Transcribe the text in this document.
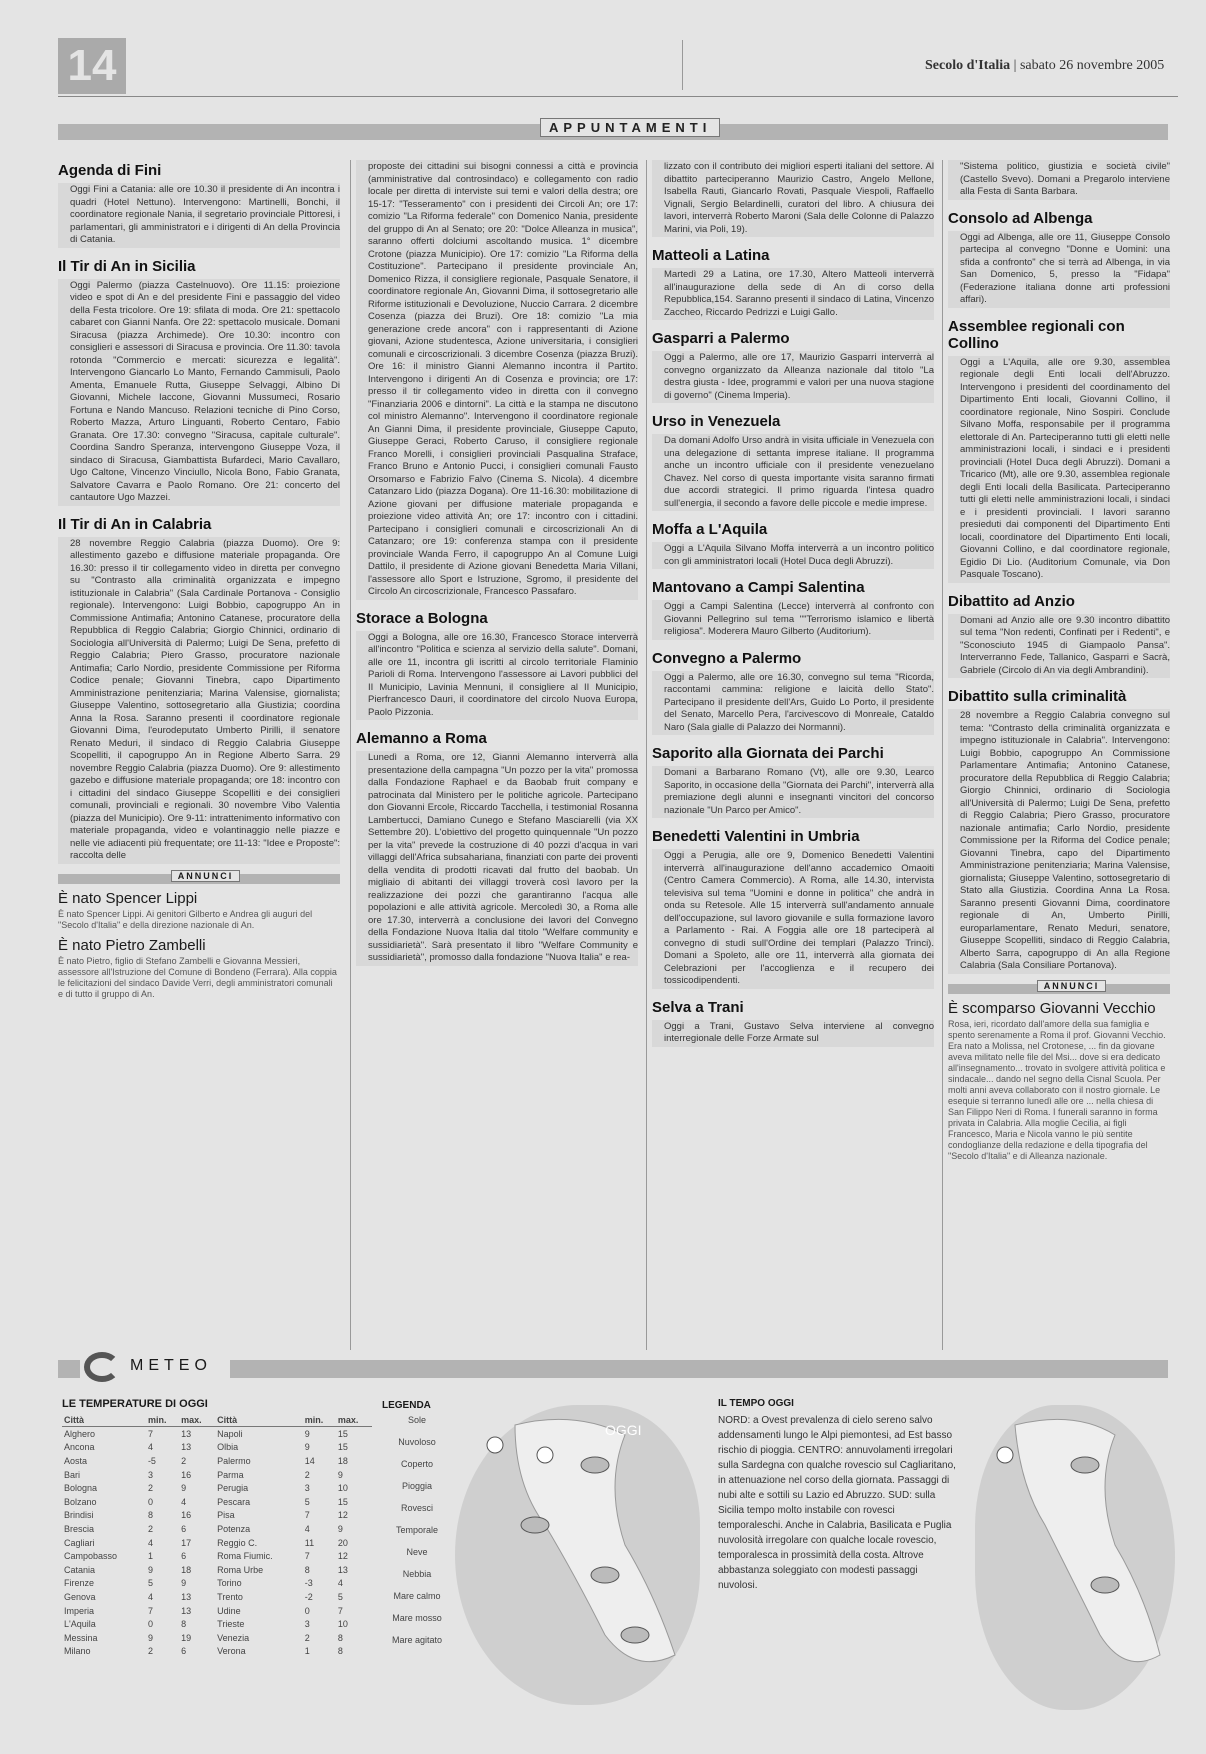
14	Secolo d'Italia | sabato 26 novembre 2005
APPUNTAMENTI
Agenda di Fini

Oggi Fini a Catania: alle ore 10.30 il presidente di An incontra i quadri (Hotel Nettuno). Intervengono: Martinelli, Bonchi, il coordinatore regionale Nania, il segretario provinciale Pittoresi, i parlamentari, gli amministratori e i dirigenti di An della Provincia di Catania.

Il Tir di An in Sicilia

Oggi Palermo (piazza Castelnuovo). Ore 11.15: proiezione video e spot di An e del presidente Fini e passaggio del video della Festa tricolore. Ore 19: sfilata di moda. Ore 21: spettacolo cabaret con Gianni Nanfa. Ore 22: spettacolo musicale. Domani Siracusa (piazza Archimede). Ore 10.30: incontro con consiglieri e assessori di Siracusa e provincia. Ore 11.30: tavola rotonda "Commercio e mercati: sicurezza e legalità". Intervengono Giancarlo Lo Manto, Fernando Cammisuli, Paolo Amenta, Emanuele Rutta, Giuseppe Selvaggi, Albino Di Giovanni, Michele Iaccone, Giovanni Mussumeci, Rosario Fortuna e Nando Mancuso. Relazioni tecniche di Pino Corso, Roberto Mazza, Arturo Linguanti, Roberto Centaro, Fabio Granata. Ore 17.30: convegno "Siracusa, capitale culturale". Coordina Sandro Speranza, intervengono Giuseppe Voza, il sindaco di Siracusa, Giambattista Bufardeci, Mario Cavallaro, Ugo Caltone, Vincenzo Vinciullo, Nicola Bono, Fabio Granata, Salvatore Cavarra e Paolo Romano. Ore 21: concerto del cantautore Ugo Mazzei.

Il Tir di An in Calabria

28 novembre Reggio Calabria (piazza Duomo). Ore 9: allestimento gazebo e diffusione materiale propaganda. Ore 16.30: presso il tir collegamento video in diretta per convegno su "Contrasto alla criminalità organizzata e impegno istituzionale in Calabria" (Sala Cardinale Portanova - Consiglio regionale). Intervengono: Luigi Bobbio, capogruppo An in Commissione Antimafia; Antonino Catanese, procuratore della Repubblica di Reggio Calabria; Giorgio Chinnici, ordinario di Sociologia all'Università di Palermo; Luigi De Sena, prefetto di Reggio Calabria; Piero Grasso, procuratore nazionale Antimafia; Carlo Nordio, presidente Commissione per Riforma Codice penale; Giovanni Tinebra, capo Dipartimento Amministrazione penitenziaria; Marina Valensise, giornalista; Giuseppe Valentino, sottosegretario alla Giustizia; coordina Anna la Rosa. Saranno presenti il coordinatore regionale Giovanni Dima, l'eurodeputato Umberto Pirilli, il senatore Renato Meduri, il sindaco di Reggio Calabria Giuseppe Scopelliti, il capogruppo An in Regione Alberto Sarra. 29 novembre Reggio Calabria (piazza Duomo). Ore 9: allestimento gazebo e diffusione materiale propaganda; ore 18: incontro con i cittadini del sindaco Giuseppe Scopelliti e dei consiglieri comunali, provinciali e regionali. 30 novembre Vibo Valentia (piazza del Municipio). Ore 9-11: intrattenimento informativo con materiale propaganda, video e volantinaggio nelle piazze e nelle vie adiacenti più frequentate; ore 11-13: "Idee e Proposte": raccolta delle

ANNUNCI
È nato Spencer Lippi

È nato Spencer Lippi. Ai genitori Gilberto e Andrea gli auguri del "Secolo d'Italia" e della direzione nazionale di An.

È nato Pietro Zambelli

È nato Pietro, figlio di Stefano Zambelli e Giovanna Messieri, assessore all'Istruzione del Comune di Bondeno (Ferrara). Alla coppia le felicitazioni del sindaco Davide Verri, degli amministratori comunali e di tutto il gruppo di An.

proposte dei cittadini sui bisogni connessi a città e provincia (amministrative dal controsindaco) e collegamento con radio locale per diretta di interviste sui temi e valori della destra; ore 15-17: "Tesseramento" con i presidenti dei Circoli An; ore 17: comizio "La Riforma federale" con Domenico Nania, presidente del gruppo di An al Senato; ore 20: "Dolce Alleanza in musica", saranno offerti dolciumi ascoltando musica. 1° dicembre Crotone (piazza Municipio). Ore 17: comizio "La Riforma della Costituzione". Partecipano il presidente provinciale An, Domenico Rizza, il consigliere regionale, Pasquale Senatore, il coordinatore regionale An, Giovanni Dima, il sottosegretario alle Riforme istituzionali e Devoluzione, Nuccio Carrara. 2 dicembre Cosenza (piazza dei Bruzi). Ore 18: comizio "La mia generazione crede ancora" con i rappresentanti di Azione giovani, Azione studentesca, Azione universitaria, i consiglieri comunali e circoscrizionali. 3 dicembre Cosenza (piazza Bruzi). Ore 16: il ministro Gianni Alemanno incontra il Partito. Intervengono i dirigenti An di Cosenza e provincia; ore 17: presso il tir collegamento video in diretta con il convegno "Finanziaria 2006 e dintorni". La città e la stampa ne discutono col ministro Alemanno". Intervengono il coordinatore regionale An Gianni Dima, il presidente provinciale, Giuseppe Caputo, Giuseppe Geraci, Roberto Caruso, il consigliere regionale Franco Morelli, i consiglieri provinciali Pasqualina Straface, Franco Bruno e Antonio Pucci, i consiglieri comunali Fausto Orsomarso e Fabrizio Falvo (Cinema S. Nicola). 4 dicembre Catanzaro Lido (piazza Dogana). Ore 11-16.30: mobilitazione di Azione giovani per diffusione materiale propaganda e proiezione video attività An; ore 17: incontro con i cittadini. Partecipano i consiglieri comunali e circoscrizionali An di Catanzaro; ore 19: conferenza stampa con il presidente provinciale Wanda Ferro, il capogruppo An al Comune Luigi Dattilo, il presidente di Azione giovani Benedetta Maria Villani, l'assessore allo Sport e Istruzione, Sgromo, il presidente del Circolo An circoscrizionale, Francesco Passafaro.

Storace a Bologna

Oggi a Bologna, alle ore 16.30, Francesco Storace interverrà all'incontro "Politica e scienza al servizio della salute". Domani, alle ore 11, incontra gli iscritti al circolo territoriale Flaminio Parioli di Roma. Intervengono l'assessore ai Lavori pubblici del II Municipio, Lavinia Mennuni, il consigliere al II Municipio, Pierfrancesco Dauri, il coordinatore del circolo Nuova Europa, Paolo Pizzonia.

Alemanno a Roma

Lunedì a Roma, ore 12, Gianni Alemanno interverrà alla presentazione della campagna "Un pozzo per la vita" promossa dalla Fondazione Raphael e da Baobab fruit company e patrocinata dal Ministero per le politiche agricole. Partecipano don Giovanni Ercole, Riccardo Tacchella, i testimonial Rosanna Lambertucci, Damiano Cunego e Stefano Masciarelli (via XX Settembre 20). L'obiettivo del progetto quinquennale "Un pozzo per la vita" prevede la costruzione di 40 pozzi d'acqua in vari villaggi dell'Africa subsahariana, finanziati con parte dei proventi della vendita di prodotti ricavati dal frutto del baobab. Un migliaio di abitanti dei villaggi troverà così lavoro per la realizzazione dei pozzi che garantiranno l'acqua alle popolazioni e alle attività agricole. Mercoledì 30, a Roma alle ore 17.30, interverrà a conclusione dei lavori del Convegno della Fondazione Nuova Italia dal titolo "Welfare community e sussidiarietà". Sarà presentato il libro "Welfare Community e sussidiarietà", promosso dalla fondazione "Nuova Italia" e rea-

lizzato con il contributo dei migliori esperti italiani del settore. Al dibattito parteciperanno Maurizio Castro, Angelo Mellone, Isabella Rauti, Giancarlo Rovati, Pasquale Viespoli, Raffaello Vignali, Sergio Belardinelli, curatori del libro. A chiusura dei lavori, interverrà Roberto Maroni (Sala delle Colonne di Palazzo Marini, via Poli, 19).

Matteoli a Latina

Martedì 29 a Latina, ore 17.30, Altero Matteoli interverrà all'inaugurazione della sede di An di corso della Repubblica,154. Saranno presenti il sindaco di Latina, Vincenzo Zaccheo, Riccardo Pedrizzi e Luigi Gallo.

Gasparri a Palermo

Oggi a Palermo, alle ore 17, Maurizio Gasparri interverrà al convegno organizzato da Alleanza nazionale dal titolo "La destra giusta - Idee, programmi e valori per una nuova stagione di governo" (Cinema Imperia).

Urso in Venezuela

Da domani Adolfo Urso andrà in visita ufficiale in Venezuela con una delegazione di settanta imprese italiane. Il programma anche un incontro ufficiale con il presidente venezuelano Chavez. Nel corso di questa importante visita saranno firmati due accordi strategici. Il primo riguarda l'intesa quadro sull'energia, il secondo a favore delle piccole e medie imprese.

Moffa a L'Aquila

Oggi a L'Aquila Silvano Moffa interverrà a un incontro politico con gli amministratori locali (Hotel Duca degli Abruzzi).

Mantovano a Campi Salentina

Oggi a Campi Salentina (Lecce) interverrà al confronto con Giovanni Pellegrino sul tema ""Terrorismo islamico e libertà religiosa". Moderera Mauro Gilberto (Auditorium).

Convegno a Palermo

Oggi a Palermo, alle ore 16.30, convegno sul tema "Ricorda, raccontami cammina: religione e laicità dello Stato". Partecipano il presidente dell'Ars, Guido Lo Porto, il presidente del Senato, Marcello Pera, l'arcivescovo di Monreale, Cataldo Naro (Sala gialle di Palazzo dei Normanni).

Saporito alla Giornata dei Parchi

Domani a Barbarano Romano (Vt), alle ore 9.30, Learco Saporito, in occasione della "Giornata dei Parchi", interverrà alla premiazione degli alunni e insegnanti vincitori del concorso nazionale "Un Parco per Amico".

Benedetti Valentini in Umbria

Oggi a Perugia, alle ore 9, Domenico Benedetti Valentini interverrà all'inaugurazione dell'anno accademico Omaoiti (Centro Camera Commercio). A Roma, alle 14.30, intervista televisiva sul tema "Uomini e donne in politica" che andrà in onda su Retesole. Alle 15 interverrà sull'andamento annuale dell'occupazione, sul lavoro giovanile e sulla formazione lavoro a Parlamento - Rai. A Foggia alle ore 18 parteciperà al convegno di studi sull'Ordine dei templari (Palazzo Trinci). Domani a Spoleto, alle ore 11, interverrà alla giornata dei Celebrazioni per l'accoglienza e il recupero dei tossicodipendenti.

Selva a Trani

Oggi a Trani, Gustavo Selva interviene al convegno interregionale delle Forze Armate sul

"Sistema politico, giustizia e società civile" (Castello Svevo). Domani a Pregarolo interviene alla Festa di Santa Barbara.

Consolo ad Albenga

Oggi ad Albenga, alle ore 11, Giuseppe Consolo partecipa al convegno "Donne e Uomini: una sfida a confronto" che si terrà ad Albenga, in via San Domenico, 5, presso la "Fidapa" (Federazione italiana donne arti professioni affari).

Assemblee regionali con Collino

Oggi a L'Aquila, alle ore 9.30, assemblea regionale degli Enti locali dell'Abruzzo. Intervengono i presidenti del coordinamento del Dipartimento Enti locali, Giovanni Collino, il coordinatore regionale, Nino Sospiri. Conclude Silvano Moffa, responsabile per il programma elettorale di An. Parteciperanno tutti gli eletti nelle amministrazioni locali, i sindaci e i presidenti provinciali (Hotel Duca degli Abruzzi). Domani a Tricarico (Mt), alle ore 9.30, assemblea regionale degli Enti locali della Basilicata. Parteciperanno tutti gli eletti nelle amministrazioni locali, i sindaci e i presidenti provinciali. I lavori saranno presieduti dai componenti del Dipartimento Enti locali, coordinatore del Dipartimento Enti locali, Giovanni Collino, e dal coordinatore regionale, Egidio Di Lio. (Auditorium Comunale, via Don Pasquale Toscano).

Dibattito ad Anzio

Domani ad Anzio alle ore 9.30 incontro dibattito sul tema "Non redenti, Confinati per i Redenti", e "Sconosciuto 1945 di Giampaolo Pansa". Interverranno Fede, Tallanico, Gasparri e Sacrà, Gabriele (Circolo di An via degli Ambrandini).

Dibattito sulla criminalità

28 novembre a Reggio Calabria convegno sul tema: "Contrasto della criminalità organizzata e impegno istituzionale in Calabria". Intervengono: Luigi Bobbio, capogruppo An Commissione Parlamentare Antimafia; Antonino Catanese, procuratore della Repubblica di Reggio Calabria; Giorgio Chinnici, ordinario di Sociologia all'Università di Palermo; Luigi De Sena, prefetto di Reggio Calabria; Piero Grasso, procuratore nazionale antimafia; Carlo Nordio, presidente Commissione per la Riforma del Codice penale; Giovanni Tinebra, capo del Dipartimento Amministrazione penitenziaria; Marina Valensise, giornalista; Giuseppe Valentino, sottosegretario di Stato alla Giustizia. Coordina Anna La Rosa. Saranno presenti Giovanni Dima, coordinatore regionale di An, Umberto Pirilli, europarlamentare, Renato Meduri, senatore, Giuseppe Scopelliti, sindaco di Reggio Calabria, Alberto Sarra, capogruppo di An alla Regione Calabria (Sala Consiliare Portanova).

ANNUNCI
È scomparso Giovanni Vecchio

Rosa, ieri, ricordato dall'amore della sua famiglia e spento serenamente a Roma il prof. Giovanni Vecchio. Era nato a Molissa, nel Crotonese, ... fin da giovane aveva militato nelle file del Msi... dove si era dedicato all'insegnamento... trovato in svolgere attività politica e sindacale... dando nel segno della Cisnal Scuola. Per molti anni aveva collaborato con il nostro giornale. Le esequie si terranno lunedì alle ore ... nella chiesa di San Filippo Neri di Roma. I funerali saranno in forma privata in Calabria. Alla moglie Cecilia, ai figli Francesco, Maria e Nicola vanno le più sentite condoglianze della redazione e della tipografia del "Secolo d'Italia" e di Alleanza nazionale.

METEO
LE TEMPERATURE DI OGGI
Città	min.	max.	Città	min.	max.
Alghero	7	13	Napoli	9	15
Ancona	4	13	Olbia	9	15
Aosta	-5	2	Palermo	14	18
Bari	3	16	Parma	2	9
Bologna	2	9	Perugia	3	10
Bolzano	0	4	Pescara	5	15
Brindisi	8	16	Pisa	7	12
Brescia	2	6	Potenza	4	9
Cagliari	4	17	Reggio C.	11	20
Campobasso	1	6	Roma Fiumic.	7	12
Catania	9	18	Roma Urbe	8	13
Firenze	5	9	Torino	-3	4
Genova	4	13	Trento	-2	5
Imperia	7	13	Udine	0	7
L'Aquila	0	8	Trieste	3	10
Messina	9	19	Venezia	2	8
Milano	2	6	Verona	1	8
LEGENDA
Sole
Nuvoloso
Coperto
Pioggia
Rovesci
Temporale
Neve
Nebbia
Mare calmo
Mare mosso
Mare agitato
OGGI
IL TEMPO OGGI

NORD: a Ovest prevalenza di cielo sereno salvo addensamenti lungo le Alpi piemontesi, ad Est basso rischio di pioggia. CENTRO: annuvolamenti irregolari sulla Sardegna con qualche rovescio sul Cagliaritano, in attenuazione nel corso della giornata. Passaggi di nubi alte e sottili su Lazio ed Abruzzo. SUD: sulla Sicilia tempo molto instabile con rovesci temporaleschi. Anche in Calabria, Basilicata e Puglia nuvolosità irregolare con qualche locale rovescio, temporalesca in prossimità della costa. Altrove abbastanza soleggiato con modesti passaggi nuvolosi.
